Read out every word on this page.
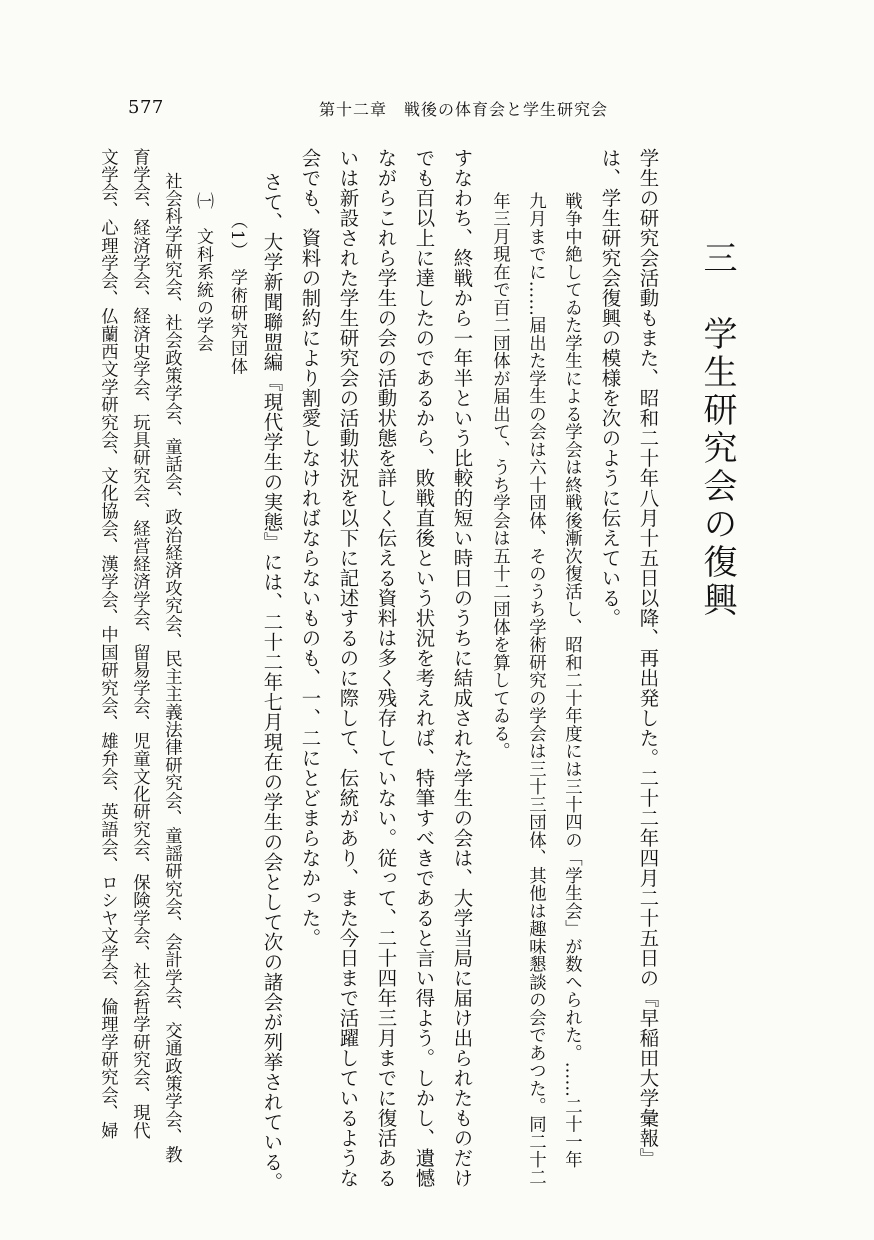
577	第十二章　戦後の体育会と学生研究会
三　学生研究会の復興
学生の研究会活動もまた、昭和二十年八月十五日以降、再出発した。二十二年四月二十五日の『早稲田大学彙報』
は、学生研究会復興の模様を次のように伝えている。
戦争中絶してゐた学生による学会は終戦後漸次復活し、昭和二十年度には三十四の「学生会」が数へられた。……二十一年
九月までに……届出た学生の会は六十団体、そのうち学術研究の学会は三十三団体、其他は趣味懇談の会であつた。同二十二
年三月現在で百二団体が届出て、うち学会は五十二団体を算してゐる。
すなわち、終戦から一年半という比較的短い時日のうちに結成された学生の会は、大学当局に届け出られたものだけ
でも百以上に達したのであるから、敗戦直後という状況を考えれば、特筆すべきであると言い得よう。しかし、遺憾
ながらこれら学生の会の活動状態を詳しく伝える資料は多く残存していない。従って、二十四年三月までに復活ある
いは新設された学生研究会の活動状況を以下に記述するのに際して、伝統があり、また今日まで活躍しているような
会でも、資料の制約により割愛しなければならないものも、一、二にとどまらなかった。
さて、大学新聞聯盟編『現代学生の実態』には、二十二年七月現在の学生の会として次の諸会が列挙されている。
（1）　学術研究団体
㈠　文科系統の学会
社会科学研究会、社会政策学会、童話会、政治経済攻究会、民主主義法律研究会、童謡研究会、会計学会、交通政策学会、教
育学会、経済学会、経済史学会、玩具研究会、経営経済学会、留易学会、児童文化研究会、保険学会、社会哲学研究会、現代
文学会、心理学会、仏蘭西文学研究会、文化協会、漢学会、中国研究会、雄弁会、英語会、ロシヤ文学会、倫理学研究会、婦
